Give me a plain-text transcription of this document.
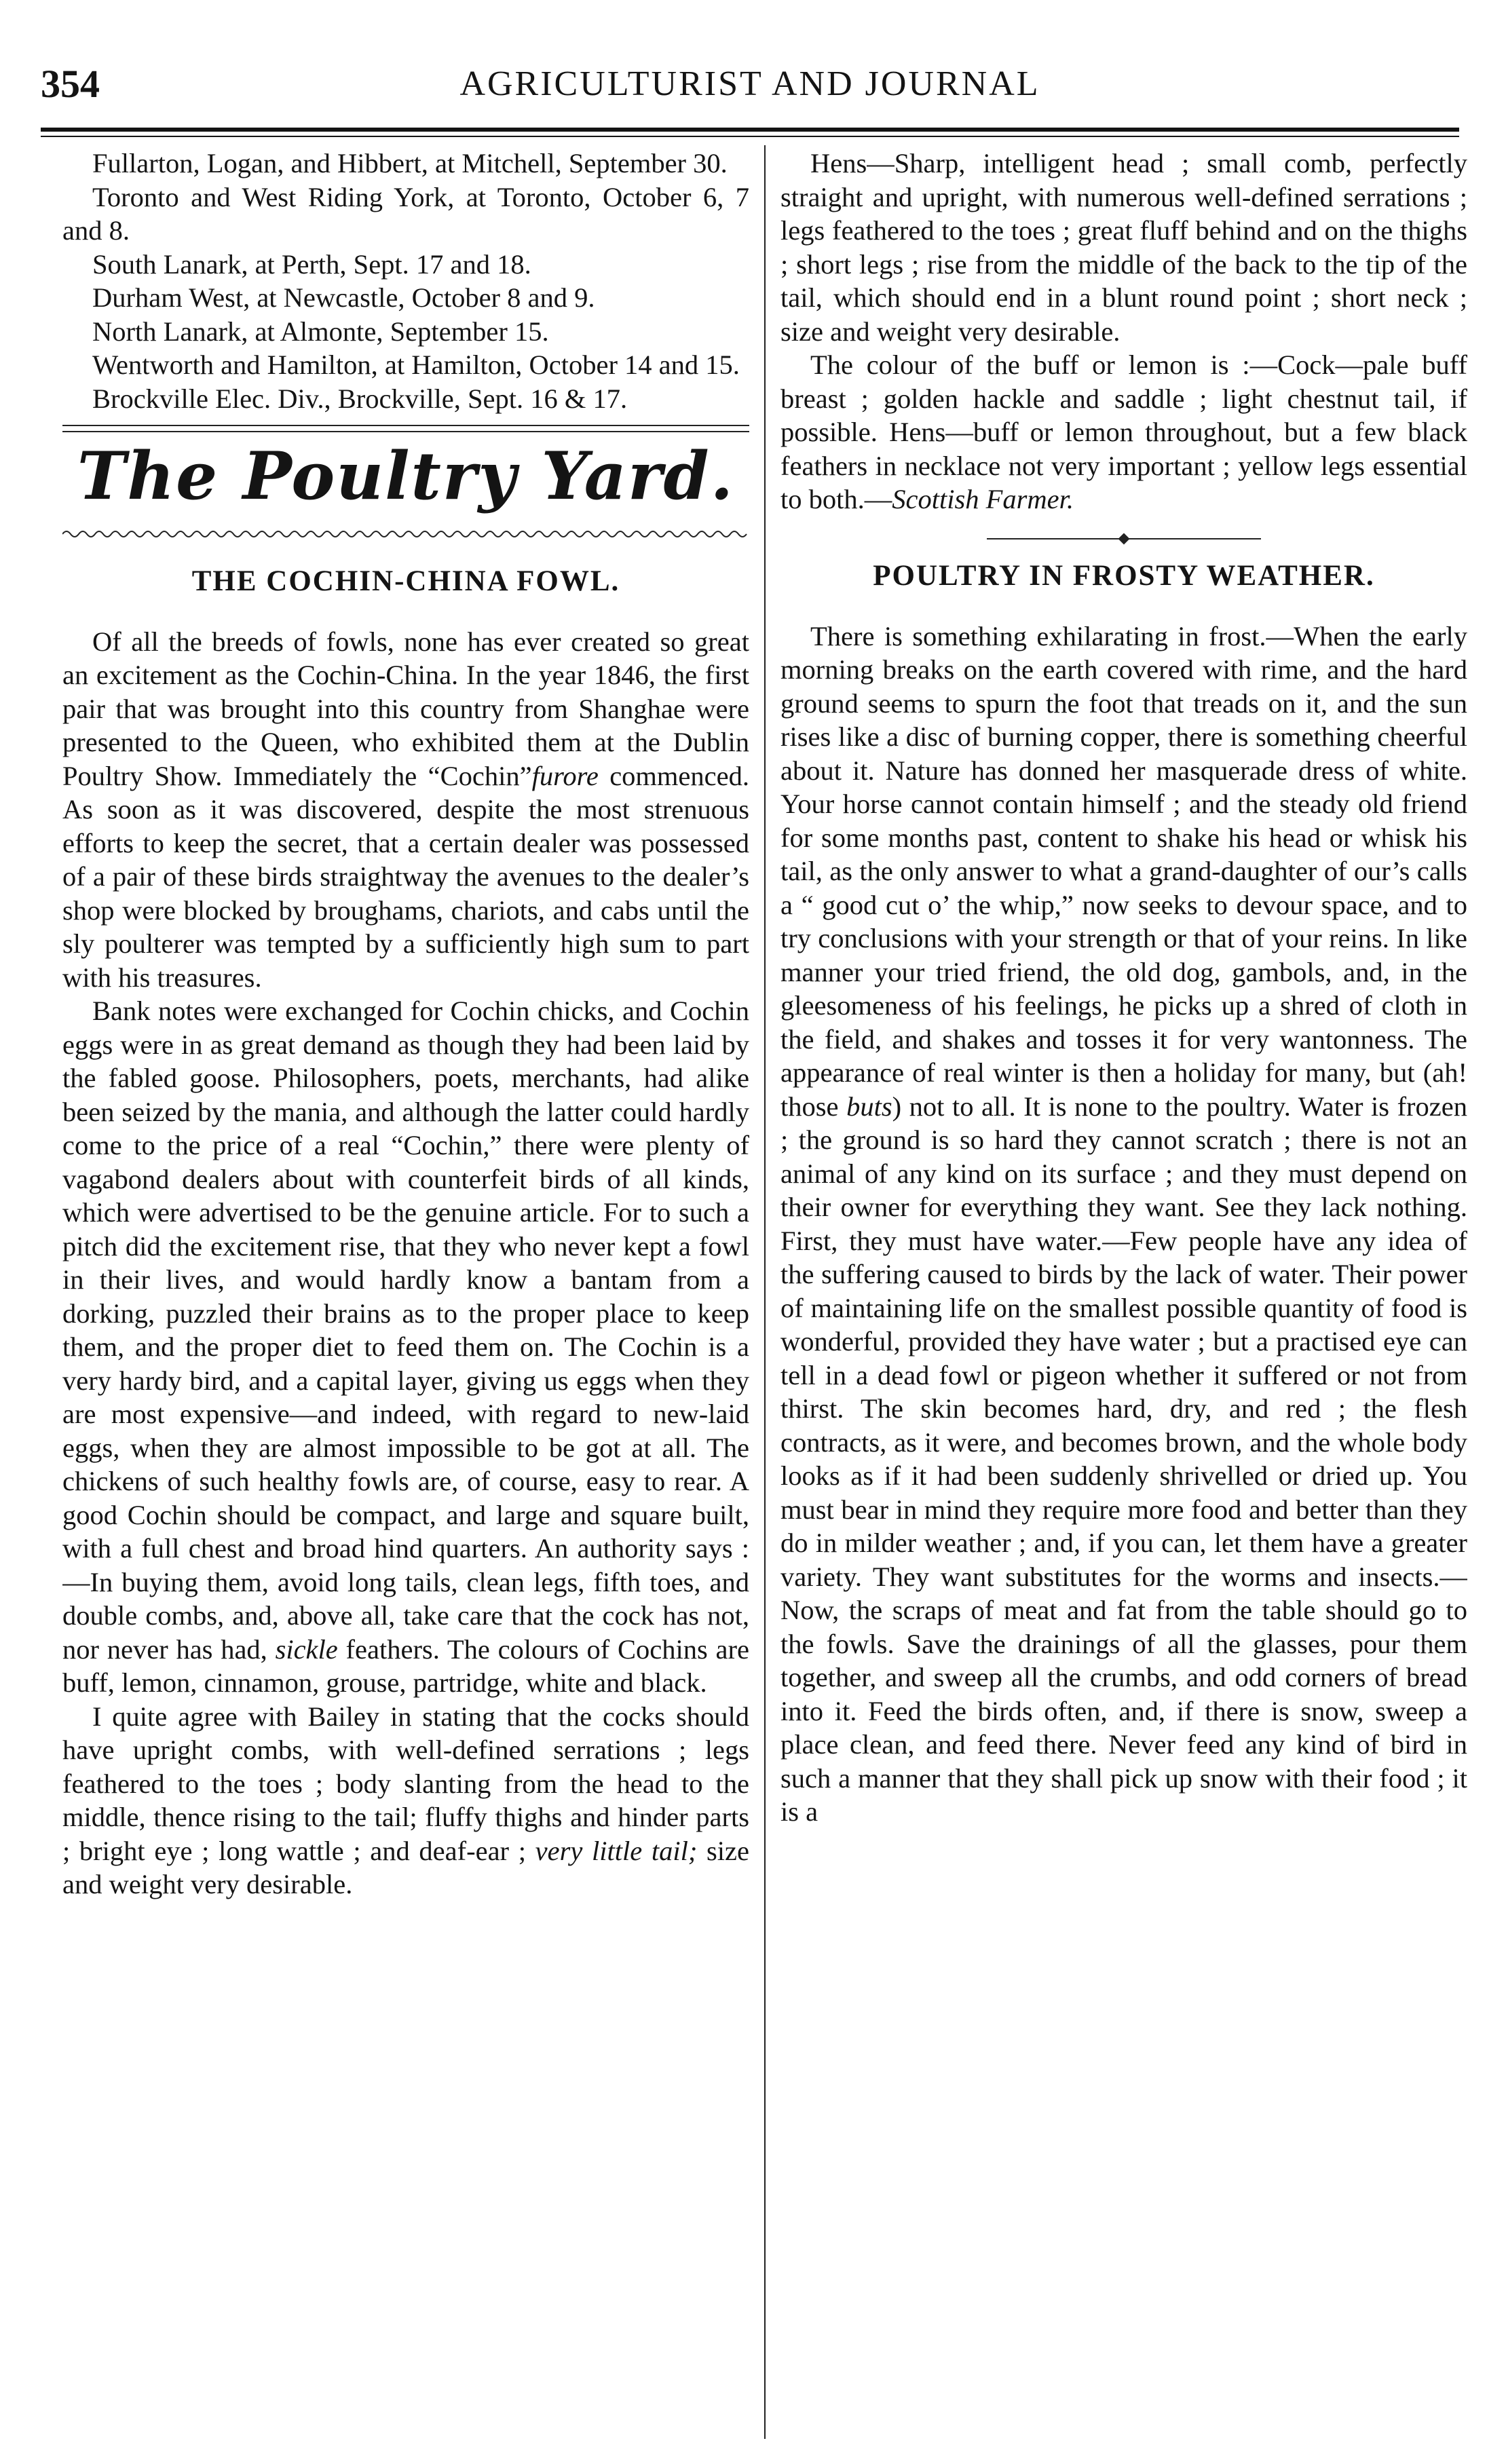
354	AGRICULTURIST AND JOURNAL

Fullarton, Logan, and Hibbert, at Mitchell, September 30.

Toronto and West Riding York, at Toronto, October 6, 7 and 8.

South Lanark, at Perth, Sept. 17 and 18.

Durham West, at Newcastle, October 8 and 9.

North Lanark, at Almonte, September 15.

Wentworth and Hamilton, at Hamilton, October 14 and 15.

Brockville Elec. Div., Brockville, Sept. 16 & 17.

The Poultry Yard.
THE COCHIN-CHINA FOWL.

Of all the breeds of fowls, none has ever created so great an excitement as the Cochin-China. In the year 1846, the first pair that was brought into this country from Shanghae were presented to the Queen, who exhibited them at the Dublin Poultry Show. Immediately the “Cochin”furore commenced. As soon as it was discovered, despite the most strenuous efforts to keep the secret, that a certain dealer was possessed of a pair of these birds straightway the avenues to the dealer’s shop were blocked by broughams, chariots, and cabs until the sly poulterer was tempted by a sufficiently high sum to part with his treasures.

Bank notes were exchanged for Cochin chicks, and Cochin eggs were in as great demand as though they had been laid by the fabled goose. Philosophers, poets, merchants, had alike been seized by the mania, and although the latter could hardly come to the price of a real “Cochin,” there were plenty of vagabond dealers about with counterfeit birds of all kinds, which were advertised to be the genuine article. For to such a pitch did the excitement rise, that they who never kept a fowl in their lives, and would hardly know a bantam from a dorking, puzzled their brains as to the proper place to keep them, and the proper diet to feed them on. The Cochin is a very hardy bird, and a capital layer, giving us eggs when they are most expensive—and indeed, with regard to new-laid eggs, when they are almost impossible to be got at all. The chickens of such healthy fowls are, of course, easy to rear. A good Cochin should be compact, and large and square built, with a full chest and broad hind quarters. An authority says :—In buying them, avoid long tails, clean legs, fifth toes, and double combs, and, above all, take care that the cock has not, nor never has had, sickle feathers. The colours of Cochins are buff, lemon, cinnamon, grouse, partridge, white and black.

I quite agree with Bailey in stating that the cocks should have upright combs, with well-defined serrations ; legs feathered to the toes ; body slanting from the head to the middle, thence rising to the tail; fluffy thighs and hinder parts ; bright eye ; long wattle ; and deaf-ear ; very little tail; size and weight very desirable.

Hens—Sharp, intelligent head ; small comb, perfectly straight and upright, with numerous well-defined serrations ; legs feathered to the toes ; great fluff behind and on the thighs ; short legs ; rise from the middle of the back to the tip of the tail, which should end in a blunt round point ; short neck ; size and weight very desirable.

The colour of the buff or lemon is :—Cock—pale buff breast ; golden hackle and saddle ; light chestnut tail, if possible. Hens—buff or lemon throughout, but a few black feathers in necklace not very important ; yellow legs essential to both.—Scottish Farmer.

POULTRY IN FROSTY WEATHER.

There is something exhilarating in frost.—When the early morning breaks on the earth covered with rime, and the hard ground seems to spurn the foot that treads on it, and the sun rises like a disc of burning copper, there is something cheerful about it. Nature has donned her masquerade dress of white. Your horse cannot contain himself ; and the steady old friend for some months past, content to shake his head or whisk his tail, as the only answer to what a grand-daughter of our’s calls a “ good cut o’ the whip,” now seeks to devour space, and to try conclusions with your strength or that of your reins. In like manner your tried friend, the old dog, gambols, and, in the gleesomeness of his feelings, he picks up a shred of cloth in the field, and shakes and tosses it for very wantonness. The appearance of real winter is then a holiday for many, but (ah! those buts) not to all. It is none to the poultry. Water is frozen ; the ground is so hard they cannot scratch ; there is not an animal of any kind on its surface ; and they must depend on their owner for everything they want. See they lack nothing. First, they must have water.—Few people have any idea of the suffering caused to birds by the lack of water. Their power of maintaining life on the smallest possible quantity of food is wonderful, provided they have water ; but a practised eye can tell in a dead fowl or pigeon whether it suffered or not from thirst. The skin becomes hard, dry, and red ; the flesh contracts, as it were, and becomes brown, and the whole body looks as if it had been suddenly shrivelled or dried up. You must bear in mind they require more food and better than they do in milder weather ; and, if you can, let them have a greater variety. They want substitutes for the worms and insects.—Now, the scraps of meat and fat from the table should go to the fowls. Save the drainings of all the glasses, pour them together, and sweep all the crumbs, and odd corners of bread into it. Feed the birds often, and, if there is snow, sweep a place clean, and feed there. Never feed any kind of bird in such a manner that they shall pick up snow with their food ; it is a
